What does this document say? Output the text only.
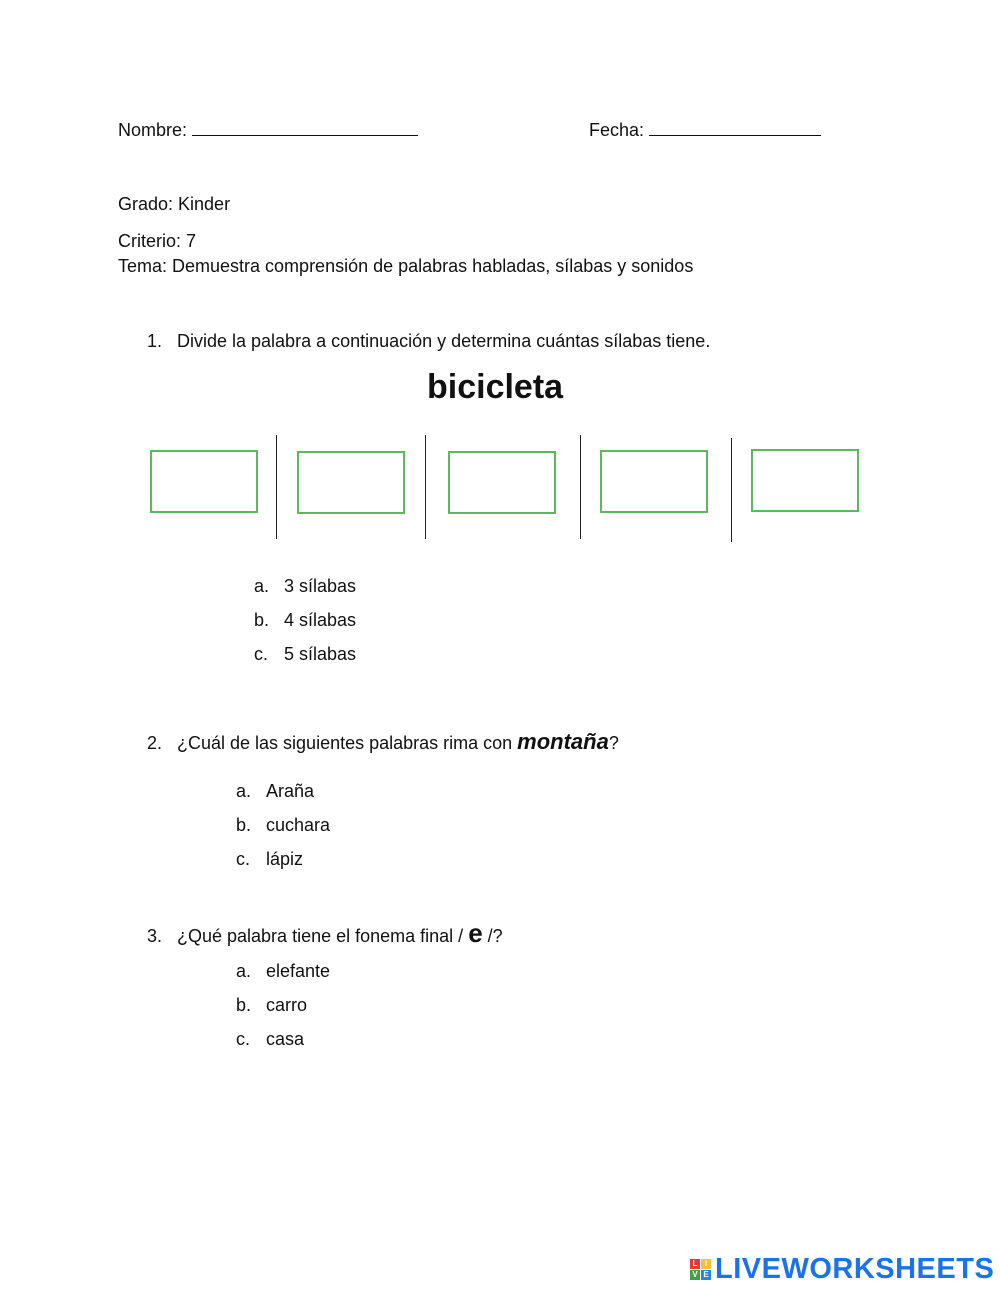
Nombre:	Fecha:
Grado: Kinder
Criterio: 7
Tema: Demuestra comprensión de palabras habladas, sílabas y sonidos
1. Divide la palabra a continuación y determina cuántas sílabas tiene.
bicicleta
a. 3 sílabas
b. 4 sílabas
c. 5 sílabas
2. ¿Cuál de las siguientes palabras rima con montaña?
a. Araña
b. cuchara
c. lápiz
3. ¿Qué palabra tiene el fonema final / e /?
a. elefante
b. carro
c. casa
L I
V E LIVEWORKSHEETS
